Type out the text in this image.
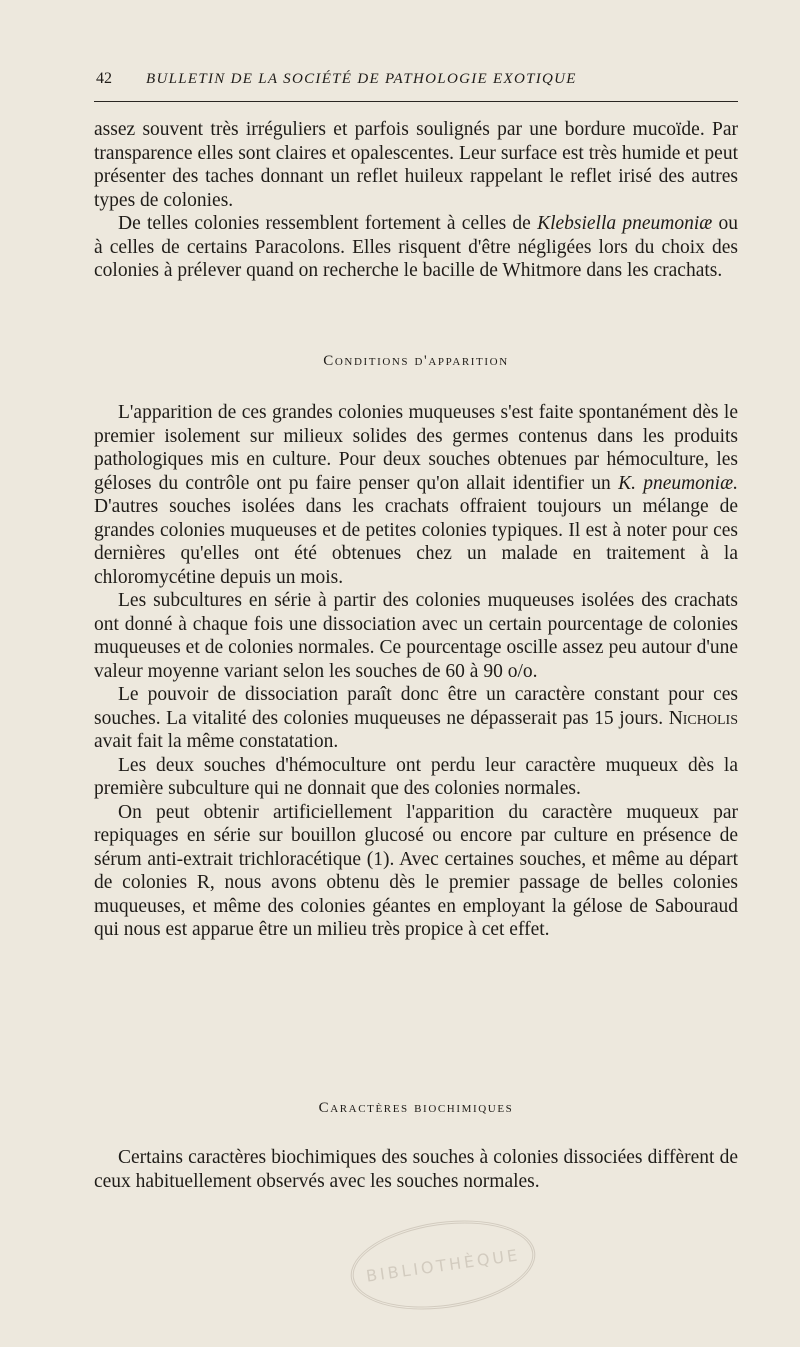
42 BULLETIN DE LA SOCIÉTÉ DE PATHOLOGIE EXOTIQUE

assez souvent très irréguliers et parfois soulignés par une bordure mucoïde. Par transparence elles sont claires et opalescentes. Leur surface est très humide et peut présenter des taches donnant un reflet huileux rappelant le reflet irisé des autres types de colonies.

De telles colonies ressemblent fortement à celles de Klebsiella pneumoniæ ou à celles de certains Paracolons. Elles risquent d'être négligées lors du choix des colonies à prélever quand on recherche le bacille de Whitmore dans les crachats.

Conditions d'apparition

L'apparition de ces grandes colonies muqueuses s'est faite spontanément dès le premier isolement sur milieux solides des germes contenus dans les produits pathologiques mis en culture. Pour deux souches obtenues par hémoculture, les géloses du contrôle ont pu faire penser qu'on allait identifier un K. pneumoniæ. D'autres souches isolées dans les crachats offraient toujours un mélange de grandes colonies muqueuses et de petites colonies typiques. Il est à noter pour ces dernières qu'elles ont été obtenues chez un malade en traitement à la chloromycétine depuis un mois.

Les subcultures en série à partir des colonies muqueuses isolées des crachats ont donné à chaque fois une dissociation avec un certain pourcentage de colonies muqueuses et de colonies normales. Ce pourcentage oscille assez peu autour d'une valeur moyenne variant selon les souches de 60 à 90 o/o.

Le pouvoir de dissociation paraît donc être un caractère constant pour ces souches. La vitalité des colonies muqueuses ne dépasserait pas 15 jours. Nicholis avait fait la même constatation.

Les deux souches d'hémoculture ont perdu leur caractère muqueux dès la première subculture qui ne donnait que des colonies normales.

On peut obtenir artificiellement l'apparition du caractère muqueux par repiquages en série sur bouillon glucosé ou encore par culture en présence de sérum anti-extrait trichloracétique (1). Avec certaines souches, et même au départ de colonies R, nous avons obtenu dès le premier passage de belles colonies muqueuses, et même des colonies géantes en employant la gélose de Sabouraud qui nous est apparue être un milieu très propice à cet effet.

Caractères biochimiques

Certains caractères biochimiques des souches à colonies dissociées diffèrent de ceux habituellement observés avec les souches normales.

BIBLIOTHÈQUE
